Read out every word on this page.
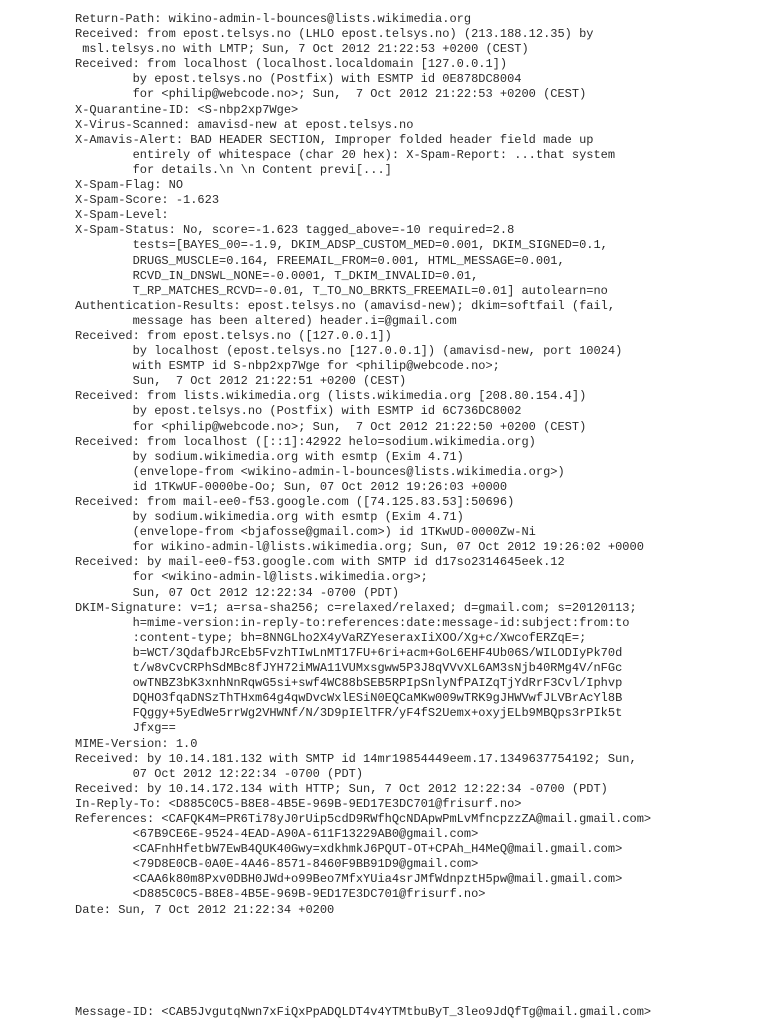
Return-Path: wikino-admin-l-bounces@lists.wikimedia.org
Received: from epost.telsys.no (LHLO epost.telsys.no) (213.188.12.35) by
msl.telsys.no with LMTP; Sun, 7 Oct 2012 21:22:53 +0200 (CEST)
Received: from localhost (localhost.localdomain [127.0.0.1])
by epost.telsys.no (Postfix) with ESMTP id 0E878DC8004
for <philip@webcode.no>; Sun,  7 Oct 2012 21:22:53 +0200 (CEST)
X-Quarantine-ID: <S-nbp2xp7Wge>
X-Virus-Scanned: amavisd-new at epost.telsys.no
X-Amavis-Alert: BAD HEADER SECTION, Improper folded header field made up
entirely of whitespace (char 20 hex): X-Spam-Report: ...that system
for details.\n \n Content previ[...]
X-Spam-Flag: NO
X-Spam-Score: -1.623
X-Spam-Level:
X-Spam-Status: No, score=-1.623 tagged_above=-10 required=2.8
tests=[BAYES_00=-1.9, DKIM_ADSP_CUSTOM_MED=0.001, DKIM_SIGNED=0.1,
DRUGS_MUSCLE=0.164, FREEMAIL_FROM=0.001, HTML_MESSAGE=0.001,
RCVD_IN_DNSWL_NONE=-0.0001, T_DKIM_INVALID=0.01,
T_RP_MATCHES_RCVD=-0.01, T_TO_NO_BRKTS_FREEMAIL=0.01] autolearn=no
Authentication-Results: epost.telsys.no (amavisd-new); dkim=softfail (fail,
message has been altered) header.i=@gmail.com
Received: from epost.telsys.no ([127.0.0.1])
by localhost (epost.telsys.no [127.0.0.1]) (amavisd-new, port 10024)
with ESMTP id S-nbp2xp7Wge for <philip@webcode.no>;
Sun,  7 Oct 2012 21:22:51 +0200 (CEST)
Received: from lists.wikimedia.org (lists.wikimedia.org [208.80.154.4])
by epost.telsys.no (Postfix) with ESMTP id 6C736DC8002
for <philip@webcode.no>; Sun,  7 Oct 2012 21:22:50 +0200 (CEST)
Received: from localhost ([::1]:42922 helo=sodium.wikimedia.org)
by sodium.wikimedia.org with esmtp (Exim 4.71)
(envelope-from <wikino-admin-l-bounces@lists.wikimedia.org>)
id 1TKwUF-0000be-Oo; Sun, 07 Oct 2012 19:26:03 +0000
Received: from mail-ee0-f53.google.com ([74.125.83.53]:50696)
by sodium.wikimedia.org with esmtp (Exim 4.71)
(envelope-from <bjafosse@gmail.com>) id 1TKwUD-0000Zw-Ni
for wikino-admin-l@lists.wikimedia.org; Sun, 07 Oct 2012 19:26:02 +0000
Received: by mail-ee0-f53.google.com with SMTP id d17so2314645eek.12
for <wikino-admin-l@lists.wikimedia.org>;
Sun, 07 Oct 2012 12:22:34 -0700 (PDT)
DKIM-Signature: v=1; a=rsa-sha256; c=relaxed/relaxed; d=gmail.com; s=20120113;
h=mime-version:in-reply-to:references:date:message-id:subject:from:to
:content-type; bh=8NNGLho2X4yVaRZYeseraxIiXOO/Xg+c/XwcofERZqE=;
b=WCT/3QdafbJRcEb5FvzhTIwLnMT17FU+6ri+acm+GoL6EHF4Ub06S/WILODIyPk70d
t/w8vCvCRPhSdMBc8fJYH72iMWA11VUMxsgww5P3J8qVVvXL6AM3sNjb40RMg4V/nFGc
owTNBZ3bK3xnhNnRqwG5si+swf4WC88bSEB5RPIpSnlyNfPAIZqTjYdRrF3Cvl/Iphvp
DQHO3fqaDNSzThTHxm64g4qwDvcWxlESiN0EQCaMKw009wTRK9gJHWVwfJLVBrAcYl8B
FQggy+5yEdWe5rrWg2VHWNf/N/3D9pIElTFR/yF4fS2Uemx+oxyjELb9MBQps3rPIk5t
Jfxg==
MIME-Version: 1.0
Received: by 10.14.181.132 with SMTP id 14mr19854449eem.17.1349637754192; Sun,
07 Oct 2012 12:22:34 -0700 (PDT)
Received: by 10.14.172.134 with HTTP; Sun, 7 Oct 2012 12:22:34 -0700 (PDT)
In-Reply-To: <D885C0C5-B8E8-4B5E-969B-9ED17E3DC701@frisurf.no>
References: <CAFQK4M=PR6Ti78yJ0rUip5cdD9RWfhQcNDApwPmLvMfncpzzZA@mail.gmail.com>
<67B9CE6E-9524-4EAD-A90A-611F13229AB0@gmail.com>
<CAFnhHfetbW7EwB4QUK40Gwy=xdkhmkJ6PQUT-OT+CPAh_H4MeQ@mail.gmail.com>
<79D8E0CB-0A0E-4A46-8571-8460F9BB91D9@gmail.com>
<CAA6k80m8Pxv0DBH0JWd+o99Beo7MfxYUia4srJMfWdnpztH5pw@mail.gmail.com>
<D885C0C5-B8E8-4B5E-969B-9ED17E3DC701@frisurf.no>
Date: Sun, 7 Oct 2012 21:22:34 +0200
Message-ID: <CAB5JvgutqNwn7xFiQxPpADQLDT4v4YTMtbuByT_3leo9JdQfTg@mail.gmail.com>
